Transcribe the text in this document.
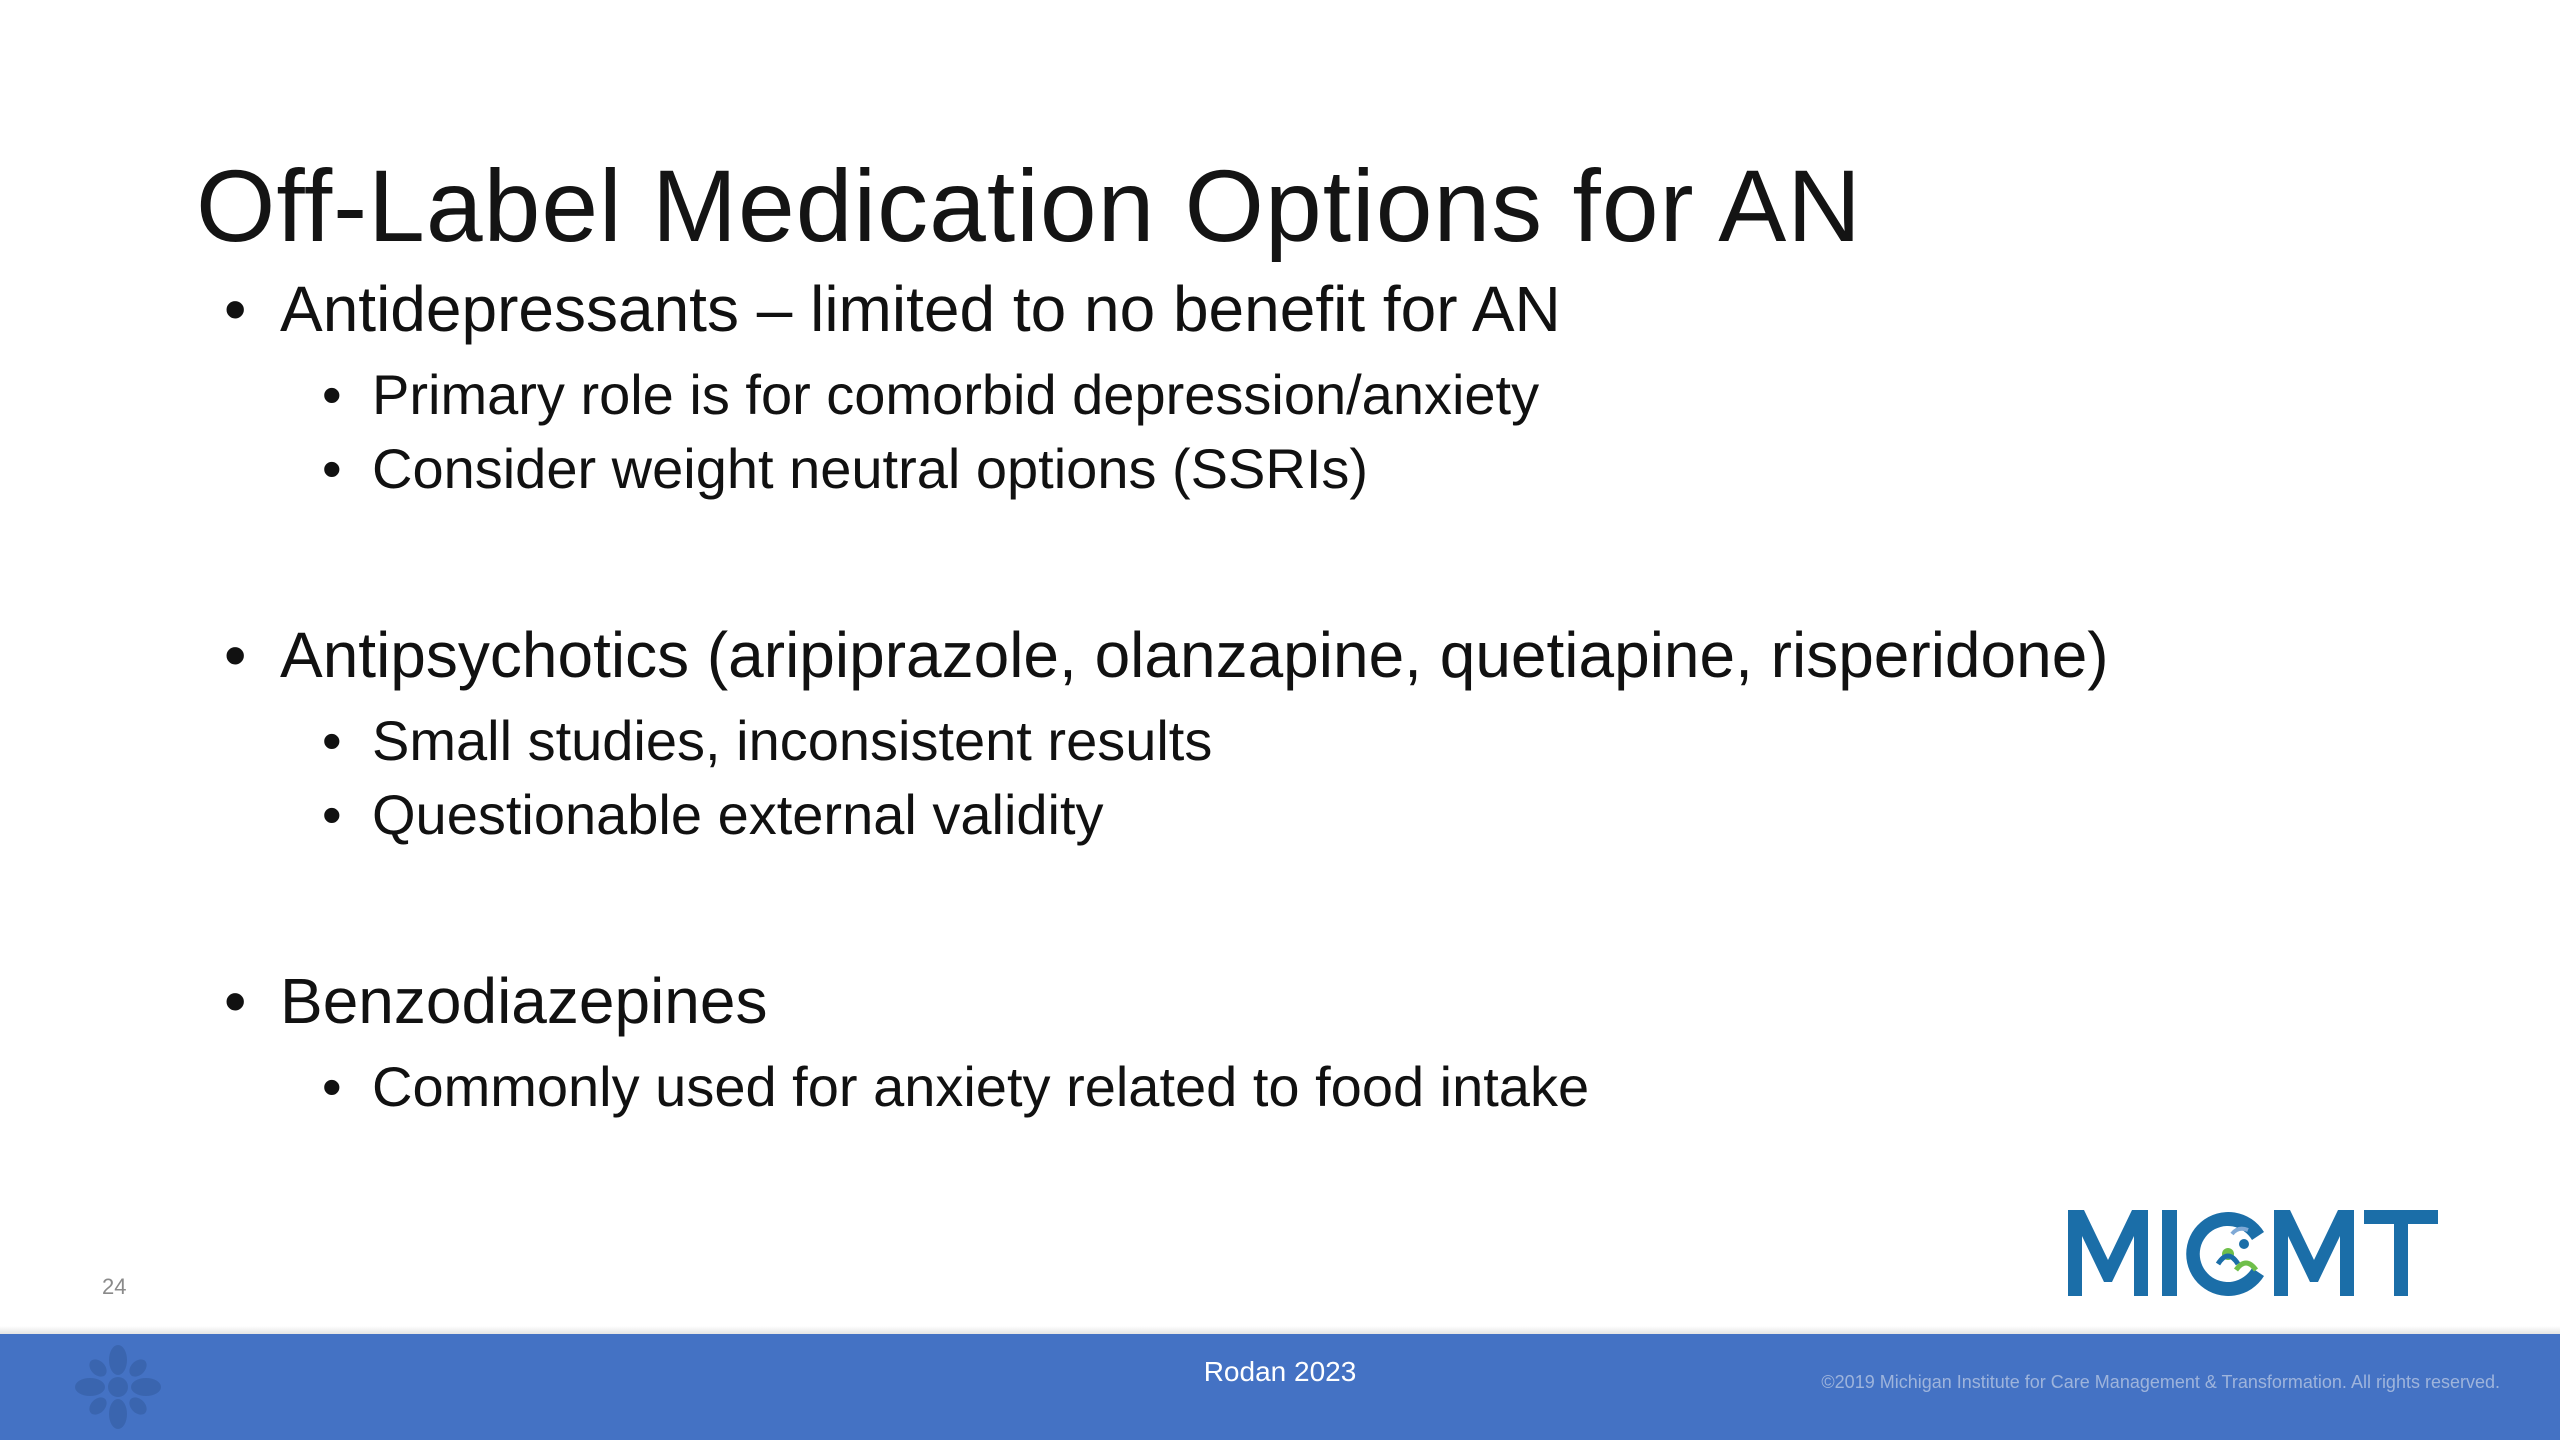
Off-Label Medication Options for AN
• Antidepressants – limited to no benefit for AN
• Primary role is for comorbid depression/anxiety
• Consider weight neutral options (SSRIs)
• Antipsychotics (aripiprazole, olanzapine, quetiapine, risperidone)
• Small studies, inconsistent results
• Questionable external validity
• Benzodiazepines
• Commonly used for anxiety related to food intake
24
Rodan 2023	©2019 Michigan Institute for Care Management & Transformation. All rights reserved.
